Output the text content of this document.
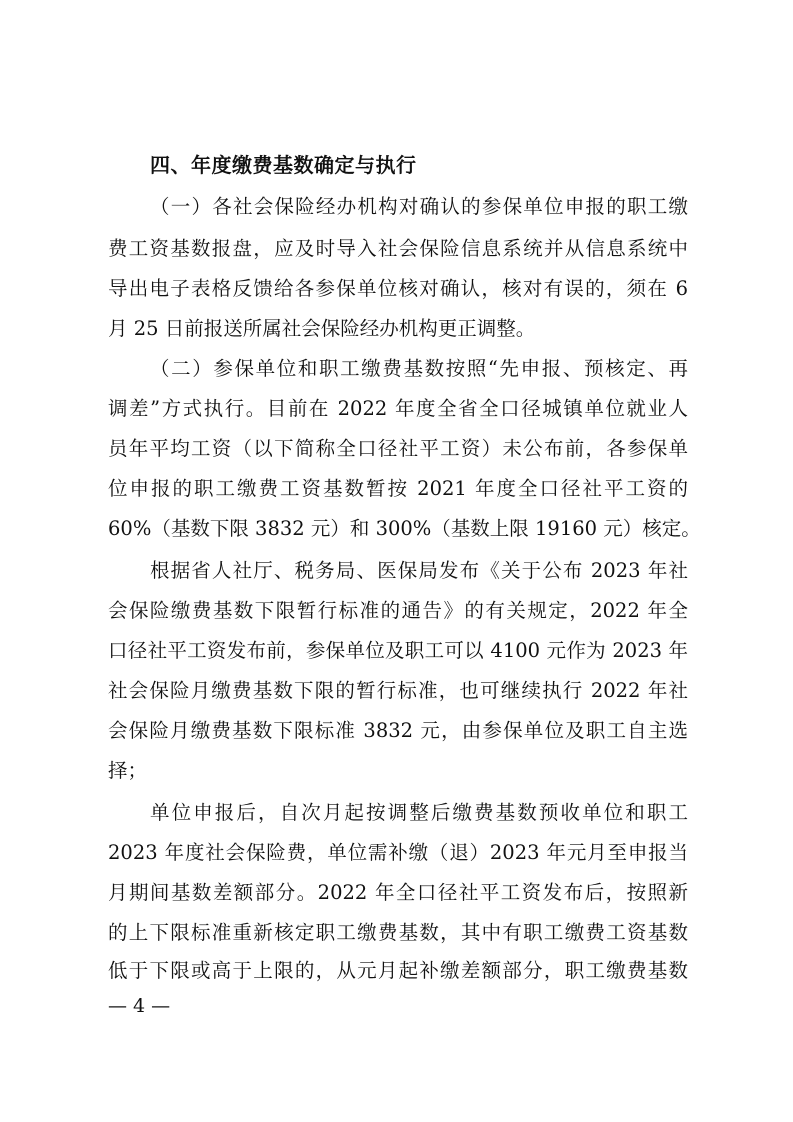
四、年度缴费基数确定与执行
（一）各社会保险经办机构对确认的参保单位申报的职工缴
费工资基数报盘，应及时导入社会保险信息系统并从信息系统中
导出电子表格反馈给各参保单位核对确认，核对有误的，须在 6
月 25 日前报送所属社会保险经办机构更正调整。
（二）参保单位和职工缴费基数按照“先申报、预核定、再
调差”方式执行。目前在 2022 年度全省全口径城镇单位就业人
员年平均工资（以下简称全口径社平工资）未公布前，各参保单
位申报的职工缴费工资基数暂按 2021 年度全口径社平工资的
60%（基数下限 3832 元）和 300%（基数上限 19160 元）核定。
根据省人社厅、税务局、医保局发布《关于公布 2023 年社
会保险缴费基数下限暂行标准的通告》的有关规定，2022 年全
口径社平工资发布前，参保单位及职工可以 4100 元作为 2023 年
社会保险月缴费基数下限的暂行标准，也可继续执行 2022 年社
会保险月缴费基数下限标准 3832 元，由参保单位及职工自主选
择；
单位申报后，自次月起按调整后缴费基数预收单位和职工
2023 年度社会保险费，单位需补缴（退）2023 年元月至申报当
月期间基数差额部分。2022 年全口径社平工资发布后，按照新
的上下限标准重新核定职工缴费基数，其中有职工缴费工资基数
低于下限或高于上限的，从元月起补缴差额部分，职工缴费基数
— 4 —
